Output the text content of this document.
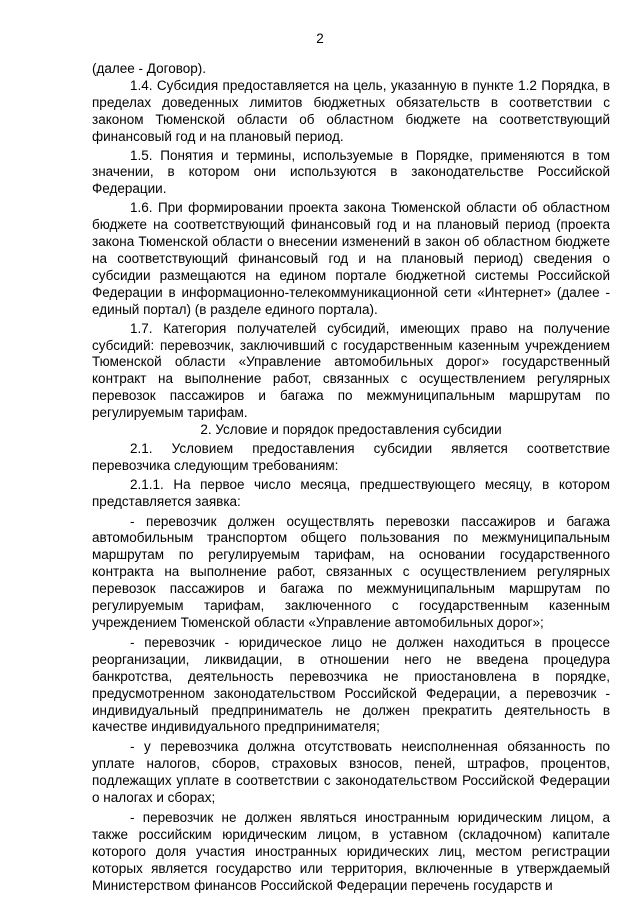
2

(далее - Договор).

1.4. Субсидия предоставляется на цель, указанную в пункте 1.2 Порядка, в пределах доведенных лимитов бюджетных обязательств в соответствии с законом Тюменской области об областном бюджете на соответствующий финансовый год и на плановый период.

1.5. Понятия и термины, используемые в Порядке, применяются в том значении, в котором они используются в законодательстве Российской Федерации.

1.6. При формировании проекта закона Тюменской области об областном бюджете на соответствующий финансовый год и на плановый период (проекта закона Тюменской области о внесении изменений в закон об областном бюджете на соответствующий финансовый год и на плановый период) сведения о субсидии размещаются на едином портале бюджетной системы Российской Федерации в информационно-телекоммуникационной сети «Интернет» (далее - единый портал) (в разделе единого портала).

1.7. Категория получателей субсидий, имеющих право на получение субсидий: перевозчик, заключивший с государственным казенным учреждением Тюменской области «Управление автомобильных дорог» государственный контракт на выполнение работ, связанных с осуществлением регулярных перевозок пассажиров и багажа по межмуниципальным маршрутам по регулируемым тарифам.

2. Условие и порядок предоставления субсидии

2.1. Условием предоставления субсидии является соответствие перевозчика следующим требованиям:

2.1.1. На первое число месяца, предшествующего месяцу, в котором представляется заявка:

- перевозчик должен осуществлять перевозки пассажиров и багажа автомобильным транспортом общего пользования по межмуниципальным маршрутам по регулируемым тарифам, на основании государственного контракта на выполнение работ, связанных с осуществлением регулярных перевозок пассажиров и багажа по межмуниципальным маршрутам по регулируемым тарифам, заключенного с государственным казенным учреждением Тюменской области «Управление автомобильных дорог»;

- перевозчик - юридическое лицо не должен находиться в процессе реорганизации, ликвидации, в отношении него не введена процедура банкротства, деятельность перевозчика не приостановлена в порядке, предусмотренном законодательством Российской Федерации, а перевозчик - индивидуальный предприниматель не должен прекратить деятельность в качестве индивидуального предпринимателя;

- у перевозчика должна отсутствовать неисполненная обязанность по уплате налогов, сборов, страховых взносов, пеней, штрафов, процентов, подлежащих уплате в соответствии с законодательством Российской Федерации о налогах и сборах;

- перевозчик не должен являться иностранным юридическим лицом, а также российским юридическим лицом, в уставном (складочном) капитале которого доля участия иностранных юридических лиц, местом регистрации которых является государство или территория, включенные в утверждаемый Министерством финансов Российской Федерации перечень государств и
